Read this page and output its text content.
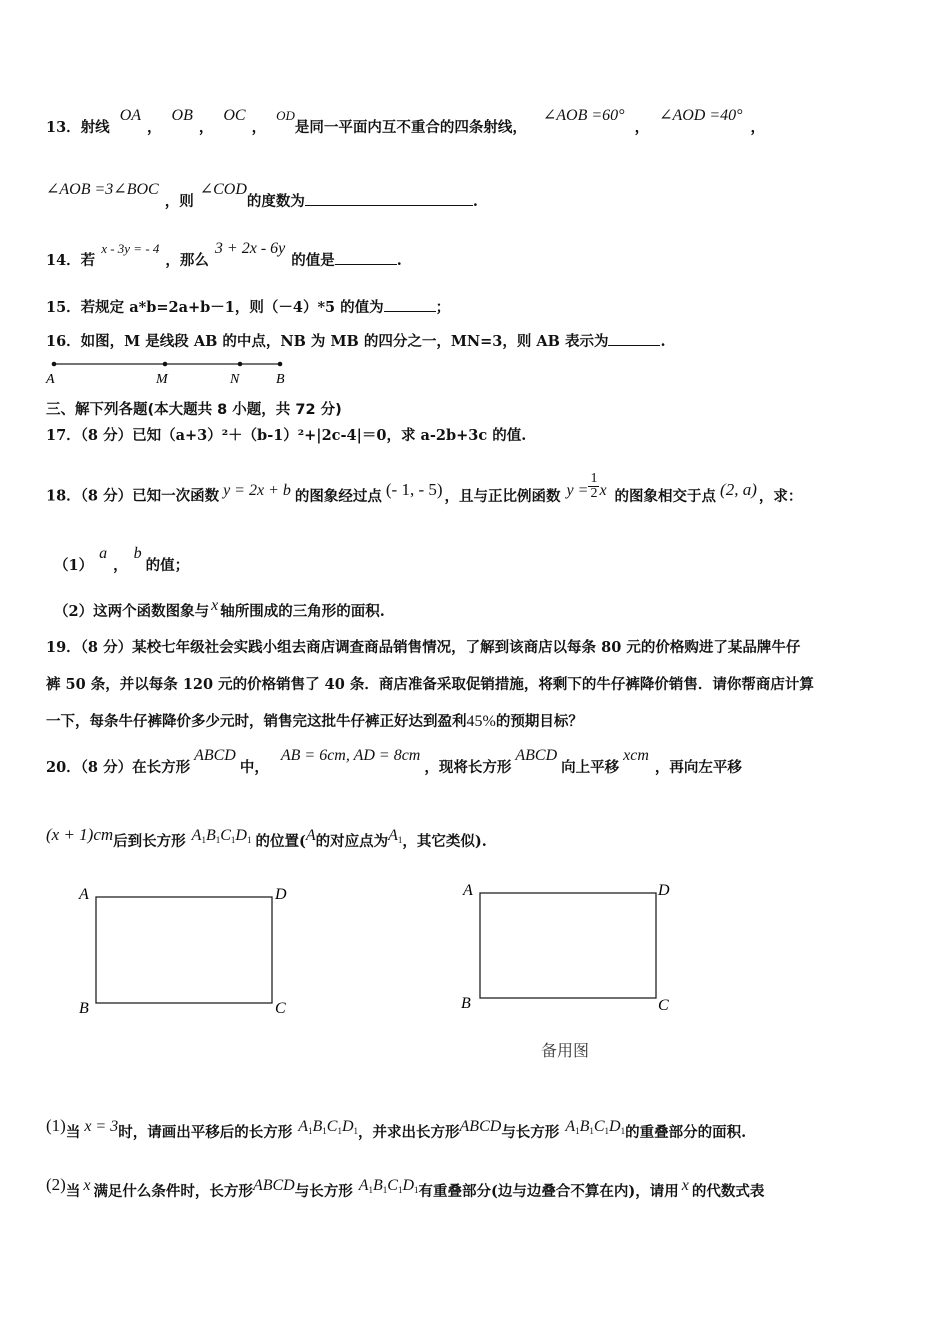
13．射线OA，OB，OC，OD是同一平面内互不重合的四条射线，∠AOB =60°，∠AOD =40°，
∠AOB =3∠BOC，则∠COD的度数为	.
14．若x - 3y = - 4，那么3 + 2x - 6y的值是	.
15．若规定 a*b=2a+b－1，则（－4）*5 的值为	；
16．如图，M 是线段 AB 的中点，NB 为 MB 的四分之一，MN=3，则 AB 表示为	.
A	M	N	B
三、解下列各题(本大题共 8 小题，共 72 分)
17．（8 分）已知（a+3）²＋（b-1）²+|2c-4|＝0，求 a-2b+3c 的值.
18．（8 分）已知一次函数 y = 2x + b 的图象经过点 (- 1, - 5) ，且与正比例函数 $y = \frac{1}{2}$ x 的图象相交于点 (2, a) ，求：
（1）a，b的值；
（2）这两个函数图象与 x 轴所围成的三角形的面积.
19．（8 分）某校七年级社会实践小组去商店调查商品销售情况，了解到该商店以每条 80 元的价格购进了某品牌牛仔
裤 50 条，并以每条 120 元的价格销售了 40 条．商店准备采取促销措施，将剩下的牛仔裤降价销售．请你帮商店计算
一下，每条牛仔裤降价多少元时，销售完这批牛仔裤正好达到盈利45%的预期目标？
20．（8 分）在长方形ABCD中，AB = 6cm, AD = 8cm，现将长方形ABCD向上平移xcm，再向左平移
(x + 1)cm后到长方形 A1B1C1D1 的位置(A的对应点为A1，其它类似).
A	D
B	C
A	D
B	C
备用图
(1)当 x = 3时，请画出平移后的长方形 A1B1C1D1，并求出长方形ABCD与长方形 A1B1C1D1的重叠部分的面积.
(2)当 x 满足什么条件时，长方形ABCD与长方形 A1B1C1D1有重叠部分(边与边叠合不算在内)，请用 x 的代数式表
